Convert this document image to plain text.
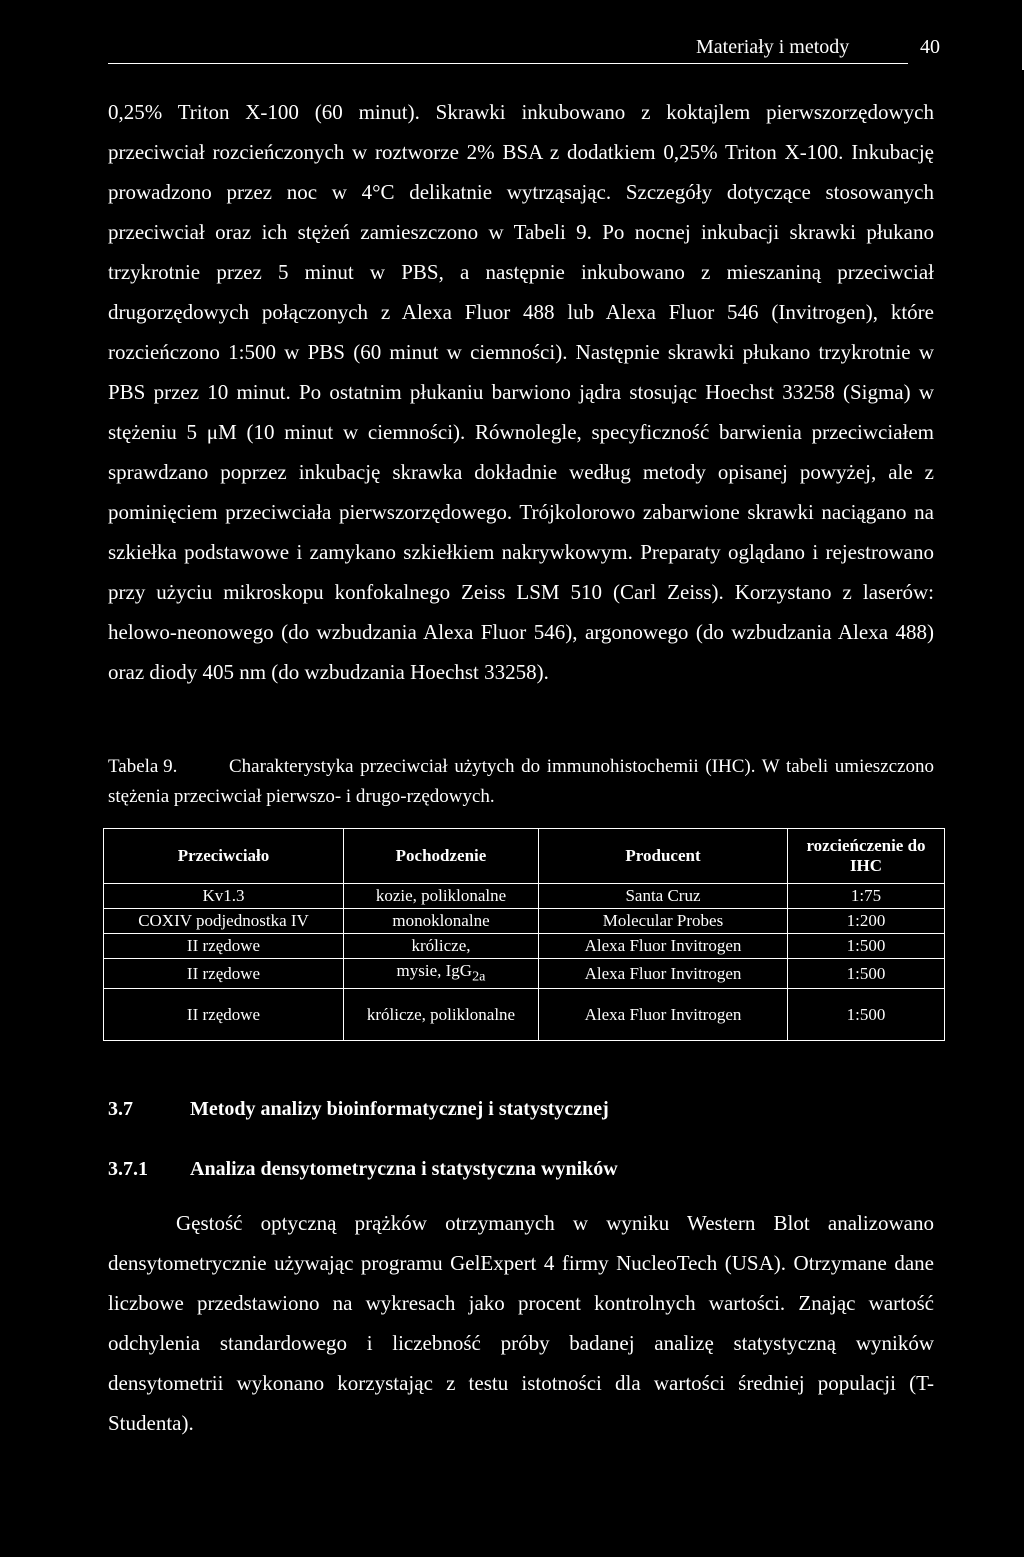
Materiały i metody	40
0,25% Triton X-100 (60 minut). Skrawki inkubowano z koktajlem pierwszorzędowych przeciwciał rozcieńczonych w roztworze 2% BSA z dodatkiem 0,25% Triton X-100. Inkubację prowadzono przez noc w 4°C delikatnie wytrząsając. Szczegóły dotyczące stosowanych przeciwciał oraz ich stężeń zamieszczono w Tabeli 9. Po nocnej inkubacji skrawki płukano trzykrotnie przez 5 minut w PBS, a następnie inkubowano z mieszaniną przeciwciał drugorzędowych połączonych z Alexa Fluor 488 lub Alexa Fluor 546 (Invitrogen), które rozcieńczono 1:500 w PBS (60 minut w ciemności). Następnie skrawki płukano trzykrotnie w PBS przez 10 minut. Po ostatnim płukaniu barwiono jądra stosując Hoechst 33258 (Sigma) w stężeniu 5 μM (10 minut w ciemności). Równolegle, specyficzność barwienia przeciwciałem sprawdzano poprzez inkubację skrawka dokładnie według metody opisanej powyżej, ale z pominięciem przeciwciała pierwszorzędowego. Trójkolorowo zabarwione skrawki naciągano na szkiełka podstawowe i zamykano szkiełkiem nakrywkowym. Preparaty oglądano i rejestrowano przy użyciu mikroskopu konfokalnego Zeiss LSM 510 (Carl Zeiss). Korzystano z laserów: helowo-neonowego (do wzbudzania Alexa Fluor 546), argonowego (do wzbudzania Alexa 488) oraz diody 405 nm (do wzbudzania Hoechst 33258).
Tabela 9.	Charakterystyka przeciwciał użytych do immunohistochemii (IHC). W tabeli umieszczono stężenia przeciwciał pierwszo- i drugo-rzędowych.
Przeciwciało	Pochodzenie	Producent	rozcieńczenie do IHC
Kv1.3	kozie, poliklonalne	Santa Cruz	1:75
COXIV podjednostka IV	monoklonalne	Molecular Probes	1:200
II rzędowe	królicze,	Alexa Fluor Invitrogen	1:500
II rzędowe	mysie, IgG$_{2a}$	Alexa Fluor Invitrogen	1:500
II rzędowe	królicze, poliklonalne	Alexa Fluor Invitrogen	1:500
3.7	Metody analizy bioinformatycznej i statystycznej
3.7.1 Analiza densytometryczna i statystyczna wyników
Gęstość optyczną prążków otrzymanych w wyniku Western Blot analizowano densytometrycznie używając programu GelExpert 4 firmy NucleoTech (USA). Otrzymane dane liczbowe przedstawiono na wykresach jako procent kontrolnych wartości. Znając wartość odchylenia standardowego i liczebność próby badanej analizę statystyczną wyników densytometrii wykonano korzystając z testu istotności dla wartości średniej populacji (T-Studenta).
